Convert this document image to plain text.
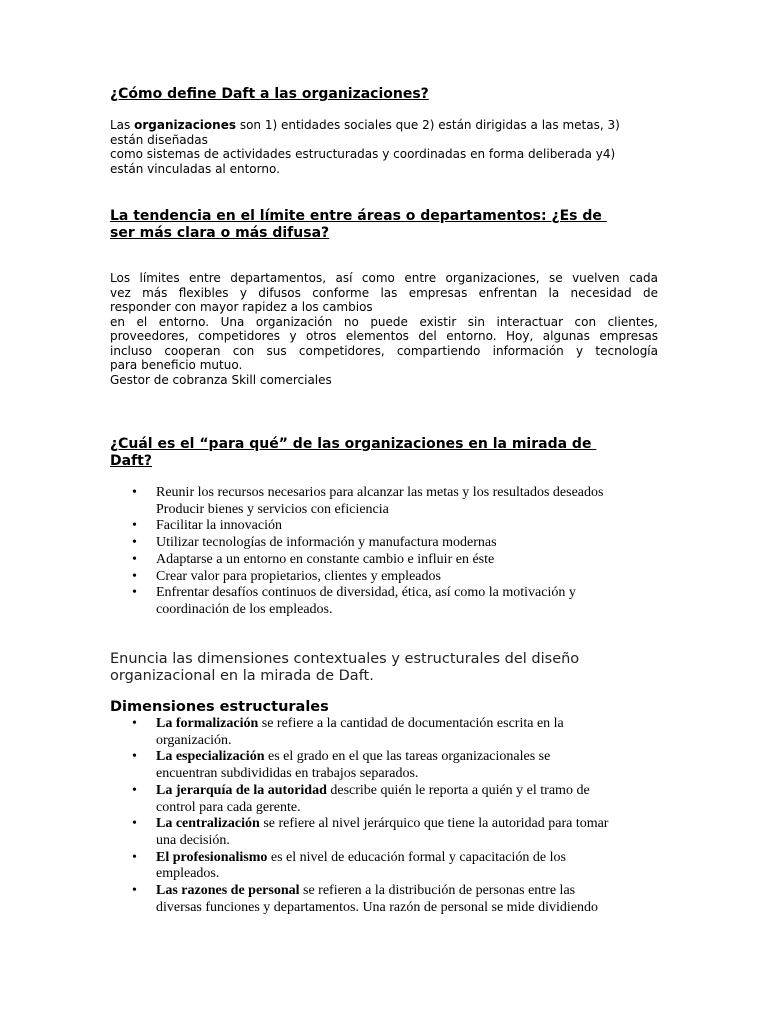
¿Cómo define Daft a las organizaciones?

Las organizaciones son 1) entidades sociales que 2) están dirigidas a las metas, 3)
están diseñadas
como sistemas de actividades estructuradas y coordinadas en forma deliberada y4)
están vinculadas al entorno.

La tendencia en el límite entre áreas o departamentos: ¿Es de
ser más clara o más difusa?

Los límites entre departamentos, así como entre organizaciones, se vuelven cada
vez más flexibles y difusos conforme las empresas enfrentan la necesidad de
responder con mayor rapidez a los cambios
en el entorno. Una organización no puede existir sin interactuar con clientes,
proveedores, competidores y otros elementos del entorno. Hoy, algunas empresas
incluso cooperan con sus competidores, compartiendo información y tecnología
para beneficio mutuo.
Gestor de cobranza Skill comerciales

¿Cuál es el “para qué” de las organizaciones en la mirada de
Daft?
•
Reunir los recursos necesarios para alcanzar las metas y los resultados deseados
Producir bienes y servicios con eficiencia
•
Facilitar la innovación
•
Utilizar tecnologías de información y manufactura modernas
•
Adaptarse a un entorno en constante cambio e influir en éste
•
Crear valor para propietarios, clientes y empleados
•
Enfrentar desafíos continuos de diversidad, ética, así como la motivación y coordinación de los empleados.

Enuncia las dimensiones contextuales y estructurales del diseño
organizacional en la mirada de Daft.

Dimensiones estructurales
•
La formalización se refiere a la cantidad de documentación escrita en la
organización.
•
La especialización es el grado en el que las tareas organizacionales se
encuentran subdivididas en trabajos separados.
•
La jerarquía de la autoridad describe quién le reporta a quién y el tramo de
control para cada gerente.
•
La centralización se refiere al nivel jerárquico que tiene la autoridad para tomar
una decisión.
•
El profesionalismo es el nivel de educación formal y capacitación de los
empleados.
•
Las razones de personal se refieren a la distribución de personas entre las
diversas funciones y departamentos. Una razón de personal se mide dividiendo
